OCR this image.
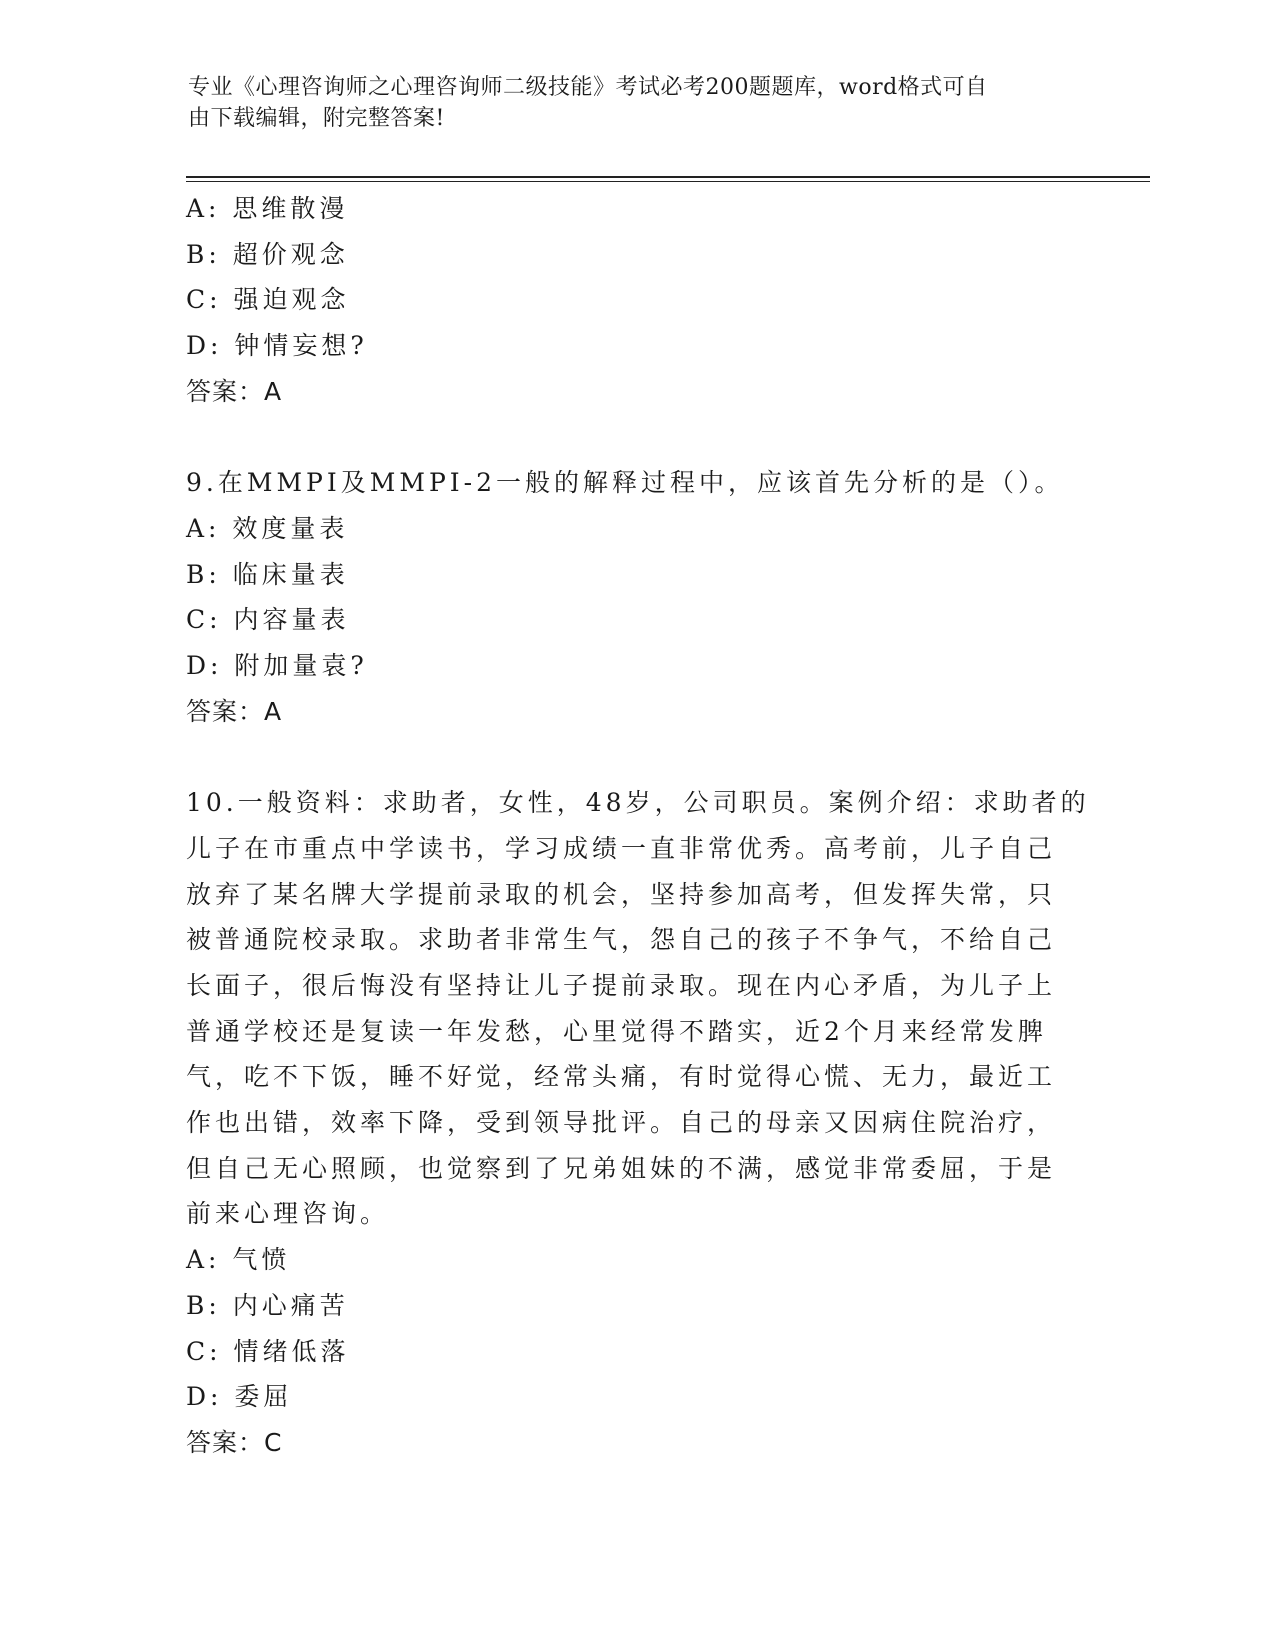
专业《心理咨询师之心理咨询师二级技能》考试必考200题题库，word格式可自
由下载编辑，附完整答案!
A: 思维散漫
B: 超价观念
C: 强迫观念
D: 钟情妄想?
答案：A
9.在MMPI及MMPI-2一般的解释过程中，应该首先分析的是（）。
A: 效度量表
B: 临床量表
C: 内容量表
D: 附加量袁?
答案：A
10.一般资料：求助者，女性，48岁，公司职员。案例介绍：求助者的
儿子在市重点中学读书，学习成绩一直非常优秀。高考前，儿子自己
放弃了某名牌大学提前录取的机会，坚持参加高考，但发挥失常，只
被普通院校录取。求助者非常生气，怨自己的孩子不争气，不给自己
长面子，很后悔没有坚持让儿子提前录取。现在内心矛盾，为儿子上
普通学校还是复读一年发愁，心里觉得不踏实，近2个月来经常发脾
气，吃不下饭，睡不好觉，经常头痛，有时觉得心慌、无力，最近工
作也出错，效率下降，受到领导批评。自己的母亲又因病住院治疗，
但自己无心照顾，也觉察到了兄弟姐妹的不满，感觉非常委屈，于是
前来心理咨询。
A: 气愤
B: 内心痛苦
C: 情绪低落
D: 委屈
答案：C
